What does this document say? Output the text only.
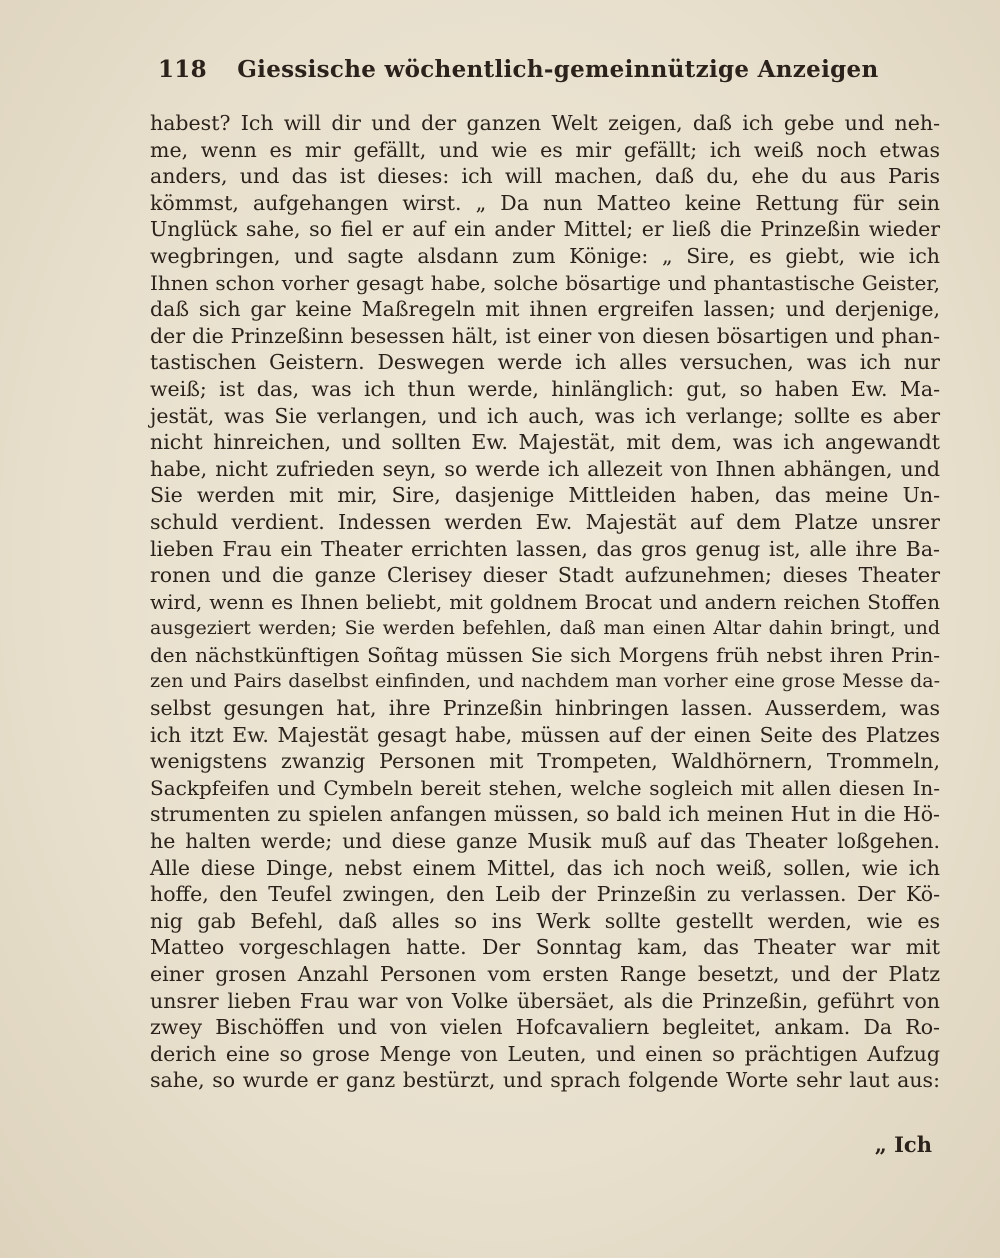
118 Giessische wöchentlich-gemeinnützige Anzeigen
habest? Ich will dir und der ganzen Welt zeigen, daß ich gebe und neh-
me, wenn es mir gefällt, und wie es mir gefällt; ich weiß noch etwas
anders, und das ist dieses: ich will machen, daß du, ehe du aus Paris
kömmst, aufgehangen wirst. „ Da nun Matteo keine Rettung für sein
Unglück sahe, so fiel er auf ein ander Mittel; er ließ die Prinzeßin wieder
wegbringen, und sagte alsdann zum Könige: „ Sire, es giebt, wie ich
Ihnen schon vorher gesagt habe, solche bösartige und phantastische Geister,
daß sich gar keine Maßregeln mit ihnen ergreifen lassen; und derjenige,
der die Prinzeßinn besessen hält, ist einer von diesen bösartigen und phan-
tastischen Geistern. Deswegen werde ich alles versuchen, was ich nur
weiß; ist das, was ich thun werde, hinlänglich: gut, so haben Ew. Ma-
jestät, was Sie verlangen, und ich auch, was ich verlange; sollte es aber
nicht hinreichen, und sollten Ew. Majestät, mit dem, was ich angewandt
habe, nicht zufrieden seyn, so werde ich allezeit von Ihnen abhängen, und
Sie werden mit mir, Sire, dasjenige Mittleiden haben, das meine Un-
schuld verdient. Indessen werden Ew. Majestät auf dem Platze unsrer
lieben Frau ein Theater errichten lassen, das gros genug ist, alle ihre Ba-
ronen und die ganze Clerisey dieser Stadt aufzunehmen; dieses Theater
wird, wenn es Ihnen beliebt, mit goldnem Brocat und andern reichen Stoffen
ausgeziert werden; Sie werden befehlen, daß man einen Altar dahin bringt, und
den nächstkünftigen Soñtag müssen Sie sich Morgens früh nebst ihren Prin-
zen und Pairs daselbst einfinden, und nachdem man vorher eine grose Messe da-
selbst gesungen hat, ihre Prinzeßin hinbringen lassen. Ausserdem, was
ich itzt Ew. Majestät gesagt habe, müssen auf der einen Seite des Platzes
wenigstens zwanzig Personen mit Trompeten, Waldhörnern, Trommeln,
Sackpfeifen und Cymbeln bereit stehen, welche sogleich mit allen diesen In-
strumenten zu spielen anfangen müssen, so bald ich meinen Hut in die Hö-
he halten werde; und diese ganze Musik muß auf das Theater loßgehen.
Alle diese Dinge, nebst einem Mittel, das ich noch weiß, sollen, wie ich
hoffe, den Teufel zwingen, den Leib der Prinzeßin zu verlassen. Der Kö-
nig gab Befehl, daß alles so ins Werk sollte gestellt werden, wie es
Matteo vorgeschlagen hatte. Der Sonntag kam, das Theater war mit
einer grosen Anzahl Personen vom ersten Range besetzt, und der Platz
unsrer lieben Frau war von Volke übersäet, als die Prinzeßin, geführt von
zwey Bischöffen und von vielen Hofcavaliern begleitet, ankam. Da Ro-
derich eine so grose Menge von Leuten, und einen so prächtigen Aufzug
sahe, so wurde er ganz bestürzt, und sprach folgende Worte sehr laut aus:
„ Ich
